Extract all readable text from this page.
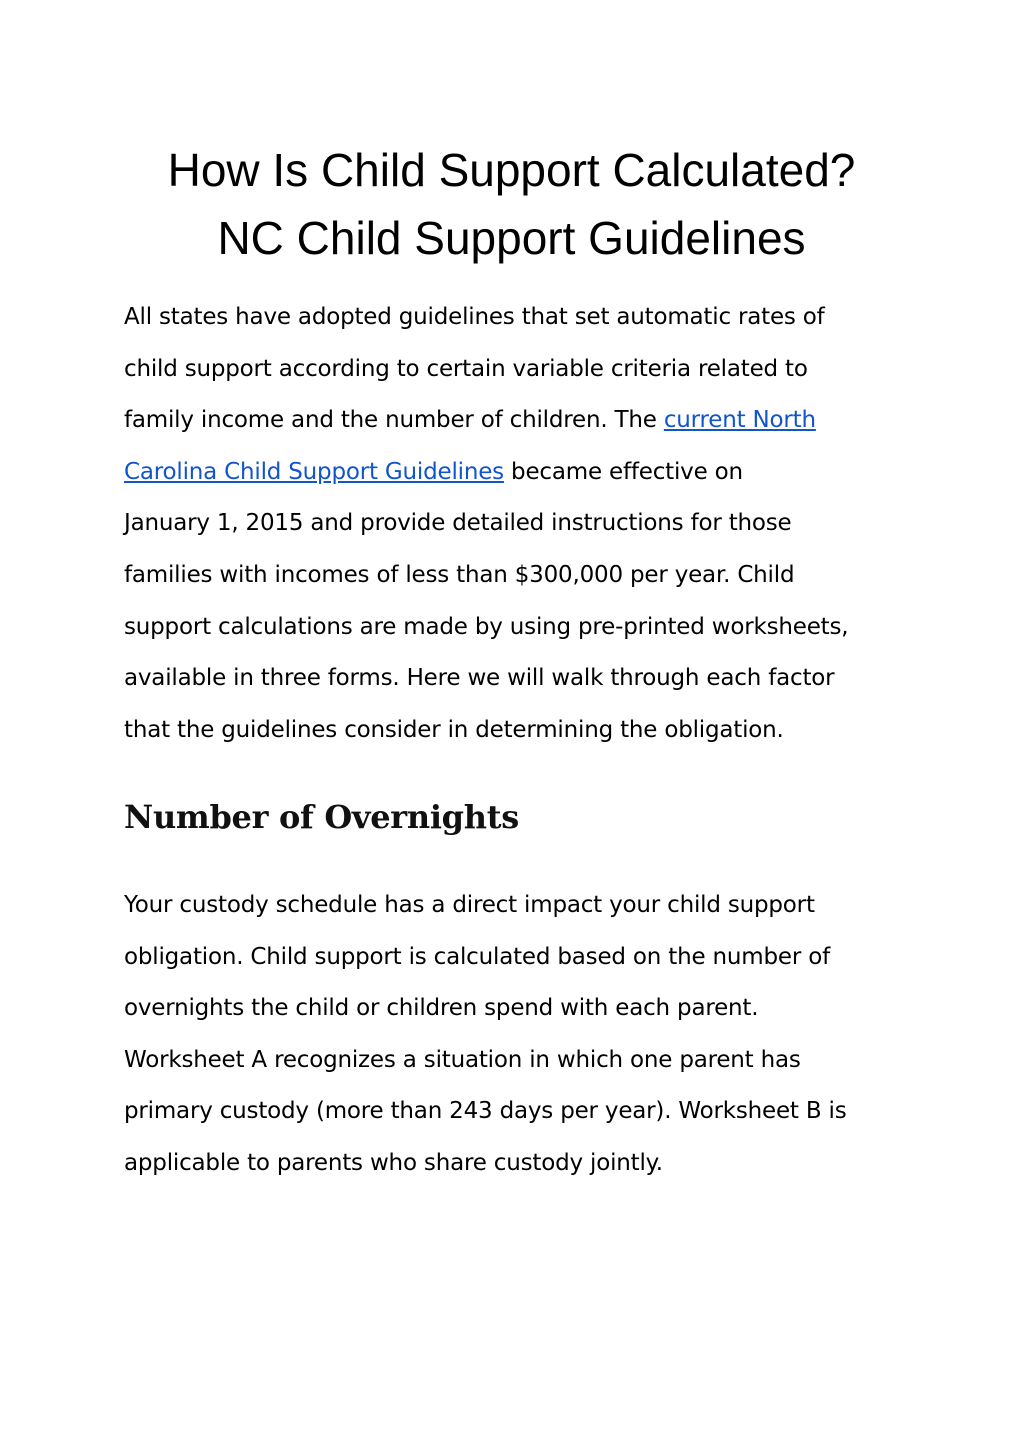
How Is Child Support Calculated?
NC Child Support Guidelines

All states have adopted guidelines that set automatic rates of
child support according to certain variable criteria related to
family income and the number of children. The current North
Carolina Child Support Guidelines became effective on
January 1, 2015 and provide detailed instructions for those
families with incomes of less than $300,000 per year. Child
support calculations are made by using pre-printed worksheets,
available in three forms. Here we will walk through each factor
that the guidelines consider in determining the obligation.

Number of Overnights

Your custody schedule has a direct impact your child support
obligation. Child support is calculated based on the number of
overnights the child or children spend with each parent.
Worksheet A recognizes a situation in which one parent has
primary custody (more than 243 days per year). Worksheet B is
applicable to parents who share custody jointly.
